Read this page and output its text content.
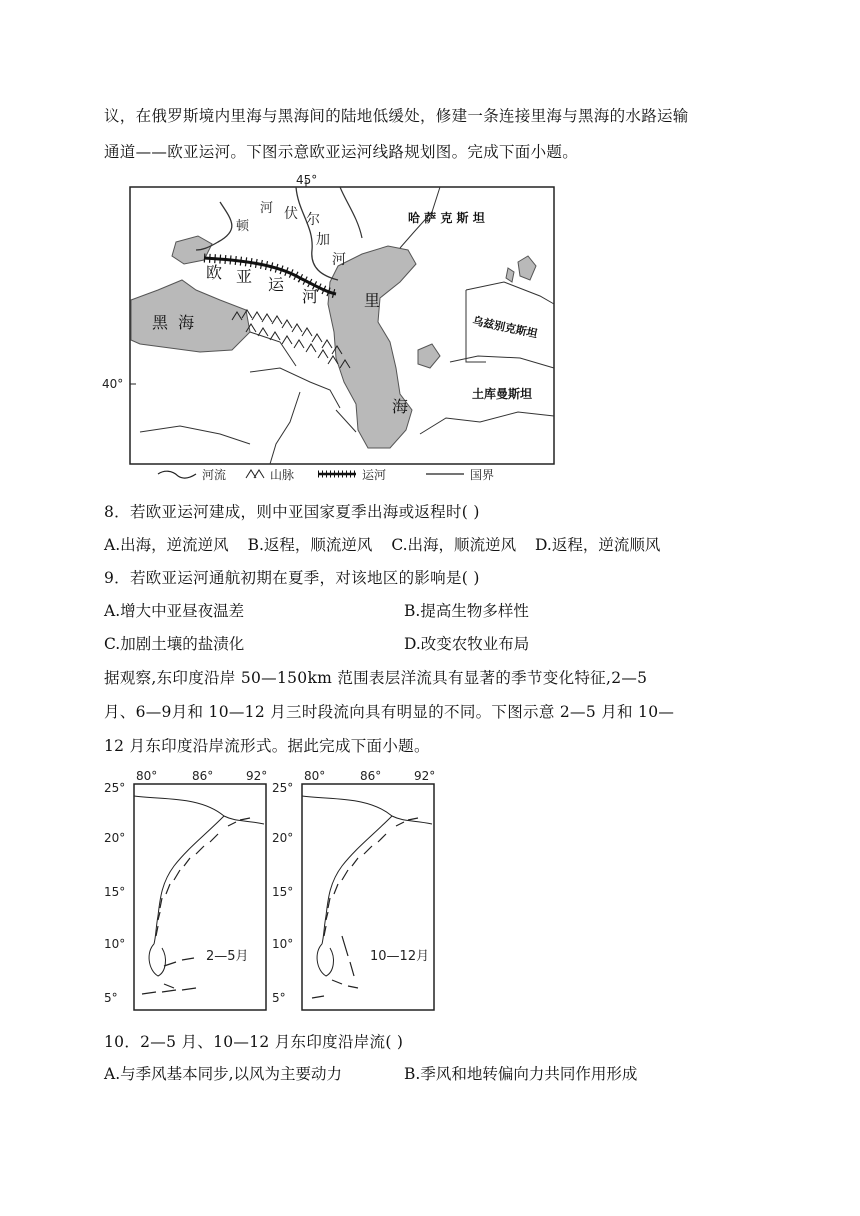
议，在俄罗斯境内里海与黑海间的陆地低缓处，修建一条连接里海与黑海的水路运输
通道——欧亚运河。下图示意欧亚运河线路规划图。完成下面小题。
45°
40°
顿
河 伏 尔
加
河
欧 亚 运
河
黑  海
里
海
哈 萨 克 斯 坦
乌兹别克斯坦
土库曼斯坦
河流	山脉	运河	国界
8．若欧亚运河建成，则中亚国家夏季出海或返程时( )
A.出海，逆流逆风 B.返程，顺流逆风 C.出海，顺流逆风 D.返程，逆流顺风
9．若欧亚运河通航初期在夏季，对该地区的影响是( )
A.增大中亚昼夜温差	B.提高生物多样性
C.加剧土壤的盐渍化	D.改变农牧业布局
据观察,东印度沿岸 50—150km 范围表层洋流具有显著的季节变化特征,2—5
月、6—9月和 10—12 月三时段流向具有明显的不同。下图示意 2—5 月和 10—
12 月东印度沿岸流形式。据此完成下面小题。
80°	86°	92°
25°
20°
15°
10°
5°
2—5月
80°	86°	92°
25°
20°
15°
10°
5°
10—12月
10．2—5 月、10—12 月东印度沿岸流( )
A.与季风基本同步,以风为主要动力	B.季风和地转偏向力共同作用形成
